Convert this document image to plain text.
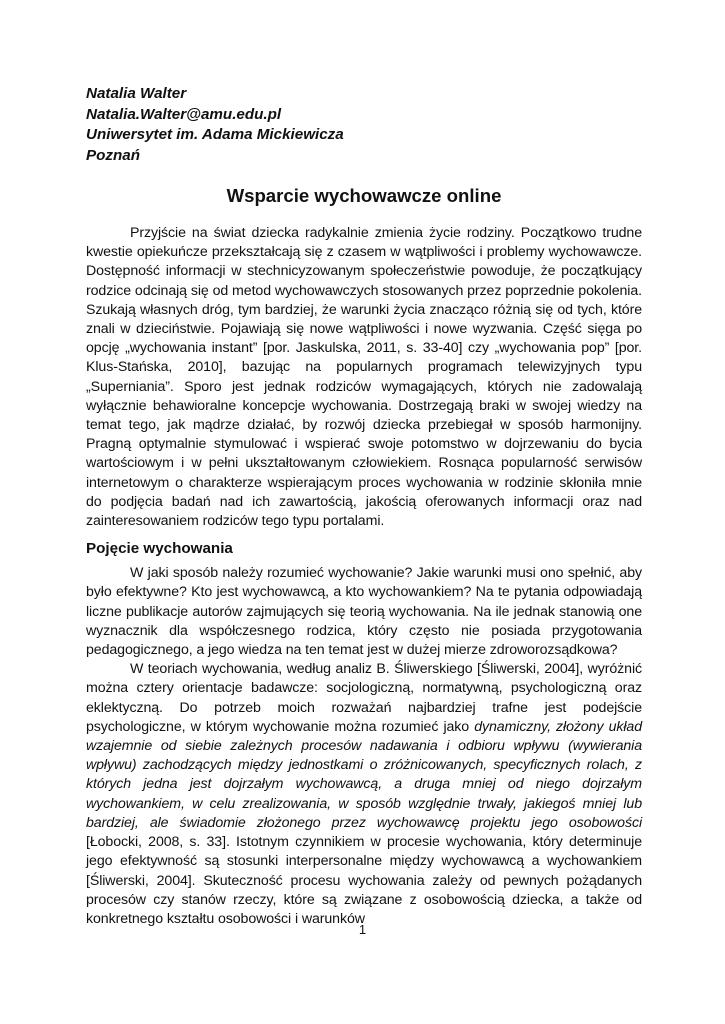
Natalia Walter
Natalia.Walter@amu.edu.pl
Uniwersytet im. Adama Mickiewicza
Poznań
Wsparcie wychowawcze online

Przyjście na świat dziecka radykalnie zmienia życie rodziny. Początkowo trudne kwestie opiekuńcze przekształcają się z czasem w wątpliwości i problemy wychowawcze. Dostępność informacji w stechnicyzowanym społeczeństwie powoduje, że początkujący rodzice odcinają się od metod wychowawczych stosowanych przez poprzednie pokolenia. Szukają własnych dróg, tym bardziej, że warunki życia znacząco różnią się od tych, które znali w dzieciństwie. Pojawiają się nowe wątpliwości i nowe wyzwania. Część sięga po opcję „wychowania instant” [por. Jaskulska, 2011, s. 33-40] czy „wychowania pop” [por. Klus-Stańska, 2010], bazując na popularnych programach telewizyjnych typu „Superniania”. Sporo jest jednak rodziców wymagających, których nie zadowalają wyłącznie behawioralne koncepcje wychowania. Dostrzegają braki w swojej wiedzy na temat tego, jak mądrze działać, by rozwój dziecka przebiegał w sposób harmonijny. Pragną optymalnie stymulować i wspierać swoje potomstwo w dojrzewaniu do bycia wartościowym i w pełni ukształtowanym człowiekiem. Rosnąca popularność serwisów internetowym o charakterze wspierającym proces wychowania w rodzinie skłoniła mnie do podjęcia badań nad ich zawartością, jakością oferowanych informacji oraz nad zainteresowaniem rodziców tego typu portalami.

Pojęcie wychowania

W jaki sposób należy rozumieć wychowanie? Jakie warunki musi ono spełnić, aby było efektywne? Kto jest wychowawcą, a kto wychowankiem? Na te pytania odpowiadają liczne publikacje autorów zajmujących się teorią wychowania. Na ile jednak stanowią one wyznacznik dla współczesnego rodzica, który często nie posiada przygotowania pedagogicznego, a jego wiedza na ten temat jest w dużej mierze zdroworozsądkowa?

W teoriach wychowania, według analiz B. Śliwerskiego [Śliwerski, 2004], wyróżnić można cztery orientacje badawcze: socjologiczną, normatywną, psychologiczną oraz eklektyczną. Do potrzeb moich rozważań najbardziej trafne jest podejście psychologiczne, w którym wychowanie można rozumieć jako dynamiczny, złożony układ wzajemnie od siebie zależnych procesów nadawania i odbioru wpływu (wywierania wpływu) zachodzących między jednostkami o zróżnicowanych, specyficznych rolach, z których jedna jest dojrzałym wychowawcą, a druga mniej od niego dojrzałym wychowankiem, w celu zrealizowania, w sposób względnie trwały, jakiegoś mniej lub bardziej, ale świadomie złożonego przez wychowawcę projektu jego osobowości [Łobocki, 2008, s. 33]. Istotnym czynnikiem w procesie wychowania, który determinuje jego efektywność są stosunki interpersonalne między wychowawcą a wychowankiem [Śliwerski, 2004]. Skuteczność procesu wychowania zależy od pewnych pożądanych procesów czy stanów rzeczy, które są związane z osobowością dziecka, a także od konkretnego kształtu osobowości i warunków

1
